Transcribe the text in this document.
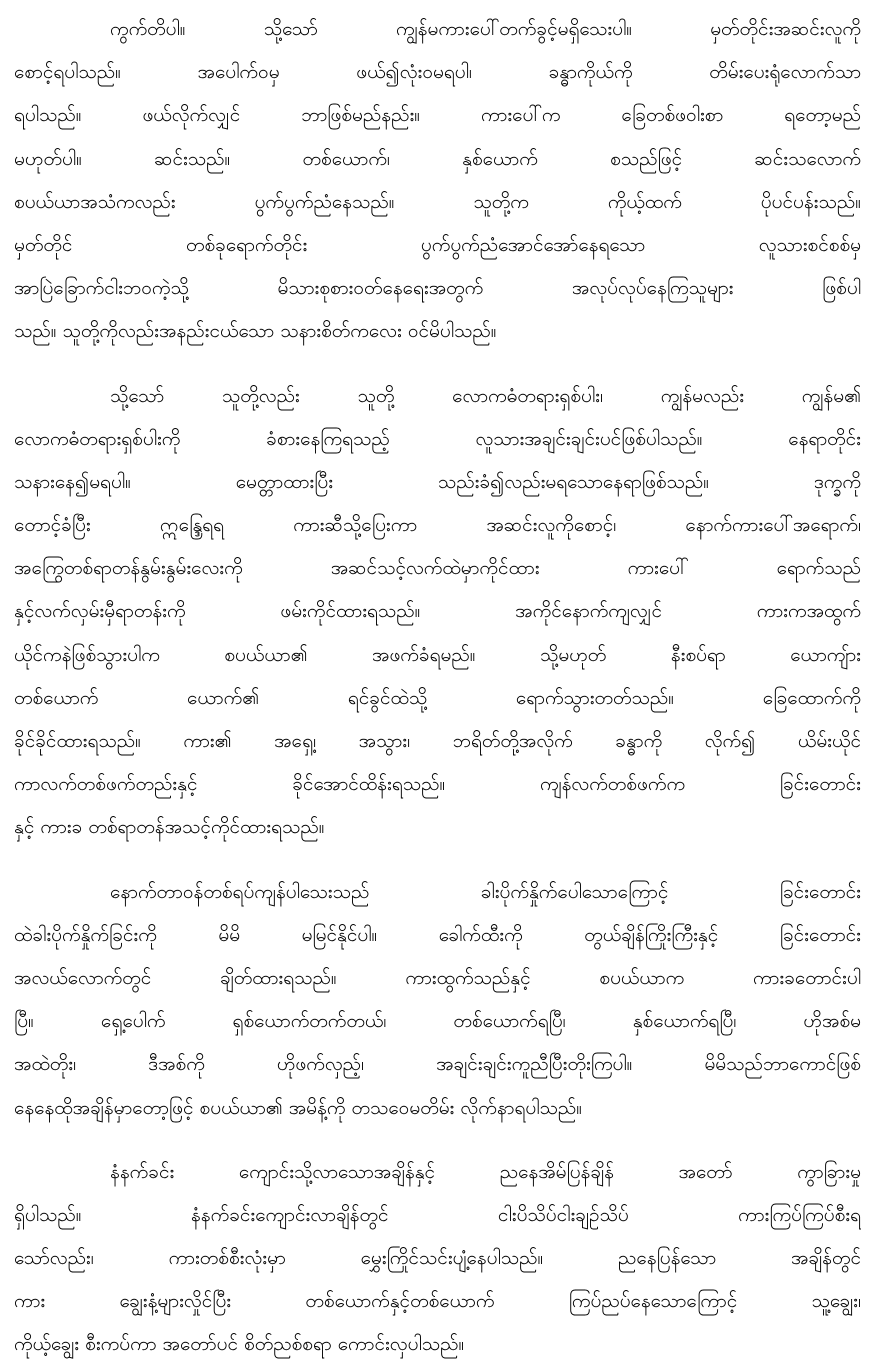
ကွက်တိပါ။ သို့သော် ကျွန်မကားပေါ်တက်ခွင့်မရှိသေးပါ။ မှတ်တိုင်းအဆင်းလူကို
စောင့်ရပါသည်။ အပေါက်ဝမှ ဖယ်၍လုံးဝမရပါ၊ ခန္ဓာကိုယ်ကို တိမ်းပေးရုံလောက်သာ
ရပါသည်။ ဖယ်လိုက်လျှင် ဘာဖြစ်မည်နည်း။ ကားပေါ်က ခြေတစ်ဖဝါးစာ ရတော့မည်
မဟုတ်ပါ။ ဆင်းသည်။ တစ်ယောက်၊ နှစ်ယောက် စသည်ဖြင့် ဆင်းသလောက်
စပယ်ယာအသံကလည်း ပွက်ပွက်ညံနေသည်။ သူတို့က ကိုယ့်ထက် ပိုပင်ပန်းသည်။
မှတ်တိုင် တစ်ခုရောက်တိုင်း ပွက်ပွက်ညံအောင်အော်နေရသော လူသားစင်စစ်မှ
အာပြဲခြောက်ငါးဘဝကဲ့သို့ မိသားစုစားဝတ်နေရေးအတွက် အလုပ်လုပ်နေကြသူများ ဖြစ်ပါ
သည်။ သူတို့ကိုလည်းအနည်းငယ်သော သနားစိတ်ကလေး ဝင်မိပါသည်။
သို့သော် သူတို့လည်း သူတို့ လောကဓံတရားရှစ်ပါး၊ ကျွန်မလည်း ကျွန်မ၏
လောကဓံတရားရှစ်ပါးကို ခံစားနေကြရသည့် လူသားအချင်းချင်းပင်ဖြစ်ပါသည်။ နေရာတိုင်း
သနားနေ၍မရပါ။ မေတ္တာထားပြီး သည်းခံ၍လည်းမရသောနေရာဖြစ်သည်။ ဒုက္ခကို
တောင့်ခံပြီး ဣန္ဒြေရရ ကားဆီသို့ပြေးကာ အဆင်းလူကိုစောင့်၊ နောက်ကားပေါ်အရောက်၊
အကြွေတစ်ရာတန်နွမ်းနွမ်းလေးကို အဆင်သင့်လက်ထဲမှာကိုင်ထား ကားပေါ် ရောက်သည်
နှင့်လက်လှမ်းမှီရာတန်းကို ဖမ်းကိုင်ထားရသည်။ အကိုင်နောက်ကျလျှင် ကားကအထွက်
ယိုင်ကနဲဖြစ်သွားပါက စပယ်ယာ၏ အဖက်ခံရမည်။ သို့မဟုတ် နီးစပ်ရာ ယောကျ်ား
တစ်ယောက် ယောက်၏ ရင်ခွင်ထဲသို့ ရောက်သွားတတ်သည်။ ခြေထောက်ကို
ခိုင်ခိုင်ထားရသည်။ ကား၏ အရှေ့၊ အသွား၊ ဘရိတ်တို့အလိုက် ခန္ဓာကို လိုက်၍ ယိမ်းယိုင်
ကာလက်တစ်ဖက်တည်းနှင့် ခိုင်အောင်ထိန်းရသည်။ ကျန်လက်တစ်ဖက်က ခြင်းတောင်း
နှင့် ကားခ တစ်ရာတန်အသင့်ကိုင်ထားရသည်။
နောက်တာဝန်တစ်ရပ်ကျန်ပါသေးသည် ခါးပိုက်နှိုက်ပေါသောကြောင့် ခြင်းတောင်း
ထဲခါးပိုက်နှိုက်ခြင်းကို မိမိ မမြင်နိုင်ပါ။ ခေါက်ထီးကို တွယ်ချိန်ကြိုးကြီးနှင့် ခြင်းတောင်း
အလယ်လောက်တွင် ချိတ်ထားရသည်။ ကားထွက်သည်နှင့် စပယ်ယာက ကားခတောင်းပါ
ပြီ။ ရှေ့ပေါက် ရှစ်ယောက်တက်တယ်၊ တစ်ယောက်ရပြီ၊ နှစ်ယောက်ရပြီ၊ ဟိုအစ်မ
အထဲတိုး၊ ဒီအစ်ကို ဟိုဖက်လှည့်၊ အချင်းချင်းကူညီပြီးတိုးကြပါ။ မိမိသည်ဘာကောင်ဖြစ်
နေနေထိုအချိန်မှာတော့ဖြင့် စပယ်ယာ၏ အမိန့်ကို တသဝေမတိမ်း လိုက်နာရပါသည်။
နံနက်ခင်း ကျောင်းသို့လာသောအချိန်နှင့် ညနေအိမ်ပြန်ချိန် အတော် ကွာခြားမှု
ရှိပါသည်။ နံနက်ခင်းကျောင်းလာချိန်တွင် ငါးပိသိပ်ငါးချဉ်သိပ် ကားကြပ်ကြပ်စီးရ
သော်လည်း၊ ကားတစ်စီးလုံးမှာ မွှေးကြိုင်သင်းပျံ့နေပါသည်။ ညနေပြန်သော အချိန်တွင်
ကား ချွေးနံ့များလှိုင်ပြီး တစ်ယောက်နှင့်တစ်ယောက် ကြပ်ညပ်နေသောကြောင့် သူ့ချွေး၊
ကိုယ့်ချွေး စီးကပ်ကာ အတော်ပင် စိတ်ညစ်စရာ ကောင်းလှပါသည်။
